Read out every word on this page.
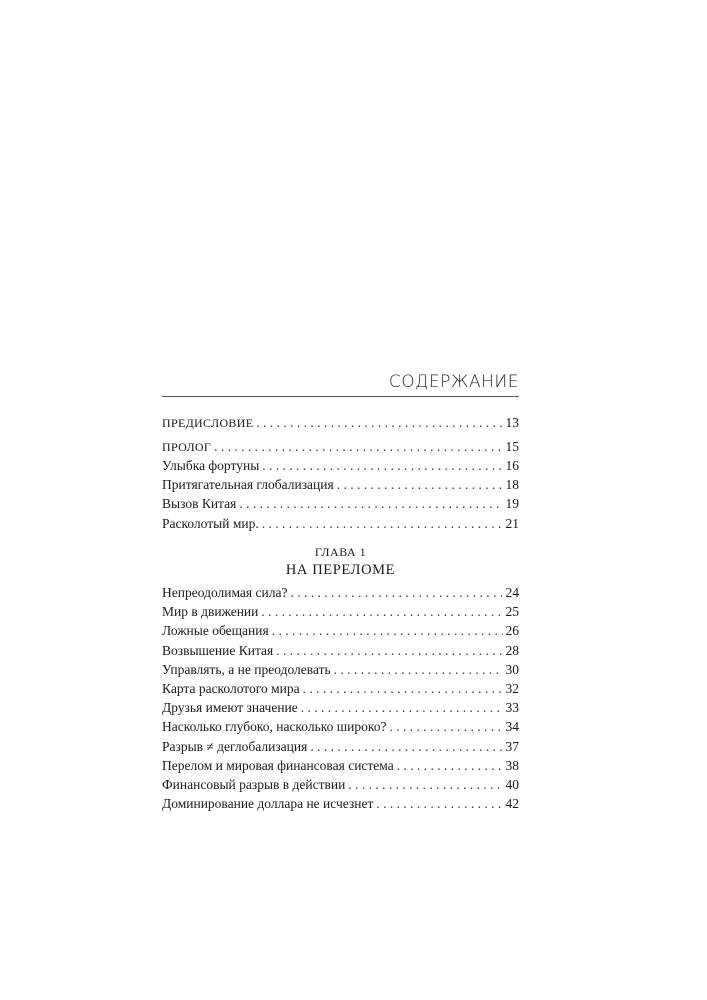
СОДЕРЖАНИЕ
ПРЕДИСЛОВИЕ . . .	13
ПРОЛОГ . . .	15
Улыбка фортуны . . .	16
Притягательная глобализация . . .	18
Вызов Китая . . .	19
Расколотый мир. . . .	21
ГЛАВА 1
НА ПЕРЕЛОМЕ
Непреодолимая сила? . . .	24
Мир в движении . . .	25
Ложные обещания . . .	26
Возвышение Китая . . .	28
Управлять, а не преодолевать . . .	30
Карта расколотого мира . . .	32
Друзья имеют значение . . .	33
Насколько глубоко, насколько широко? . . .	34
Разрыв ≠ деглобализация . . .	37
Перелом и мировая финансовая система . . .	38
Финансовый разрыв в действии . . .	40
Доминирование доллара не исчезнет . . .	42
